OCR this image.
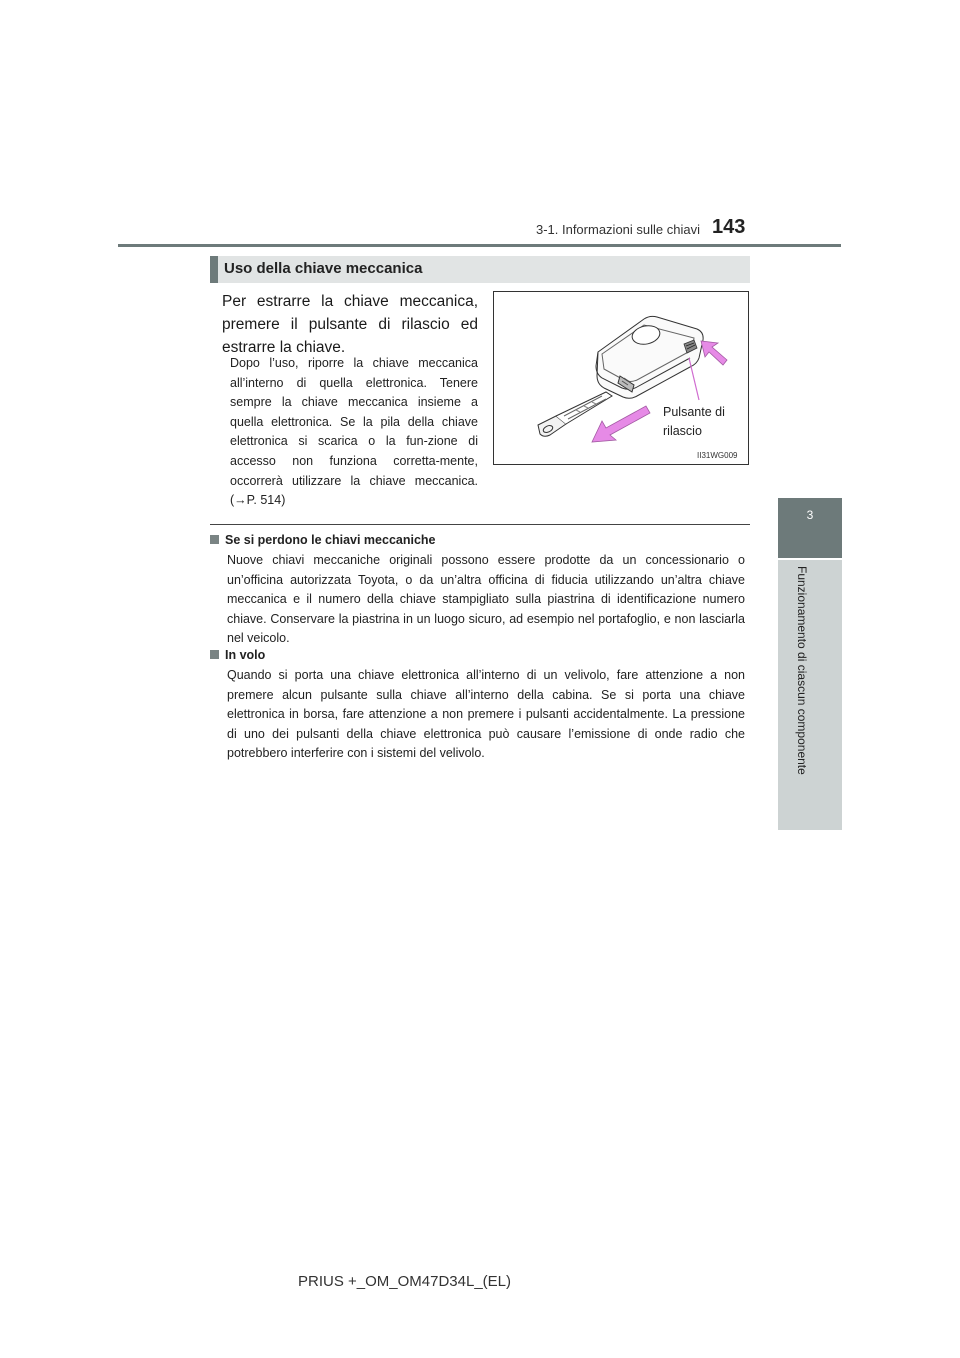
3-1. Informazioni sulle chiavi 143
3
Funzionamento di ciascun componente
Uso della chiave meccanica
Per estrarre la chiave meccanica, premere il pulsante di rilascio ed estrarre la chiave.
Dopo l’uso, riporre la chiave meccanica all’interno di quella elettronica. Tenere sempre la chiave meccanica insieme a quella elettronica. Se la pila della chiave elettronica si scarica o la fun-zione di accesso non funziona corretta-mente, occorrerà utilizzare la chiave meccanica. (→P. 514)
Pulsante di
rilascio
II31WG009
Se si perdono le chiavi meccaniche
Nuove chiavi meccaniche originali possono essere prodotte da un concessionario o un’officina autorizzata Toyota, o da un’altra officina di fiducia utilizzando un’altra chiave meccanica e il numero della chiave stampigliato sulla piastrina di identificazione numero chiave. Conservare la piastrina in un luogo sicuro, ad esempio nel portafoglio, e non lasciarla nel veicolo.
In volo
Quando si porta una chiave elettronica all’interno di un velivolo, fare attenzione a non premere alcun pulsante sulla chiave all’interno della cabina. Se si porta una chiave elettronica in borsa, fare attenzione a non premere i pulsanti accidentalmente. La pressione di uno dei pulsanti della chiave elettronica può causare l’emissione di onde radio che potrebbero interferire con i sistemi del velivolo.
PRIUS +_OM_OM47D34L_(EL)
